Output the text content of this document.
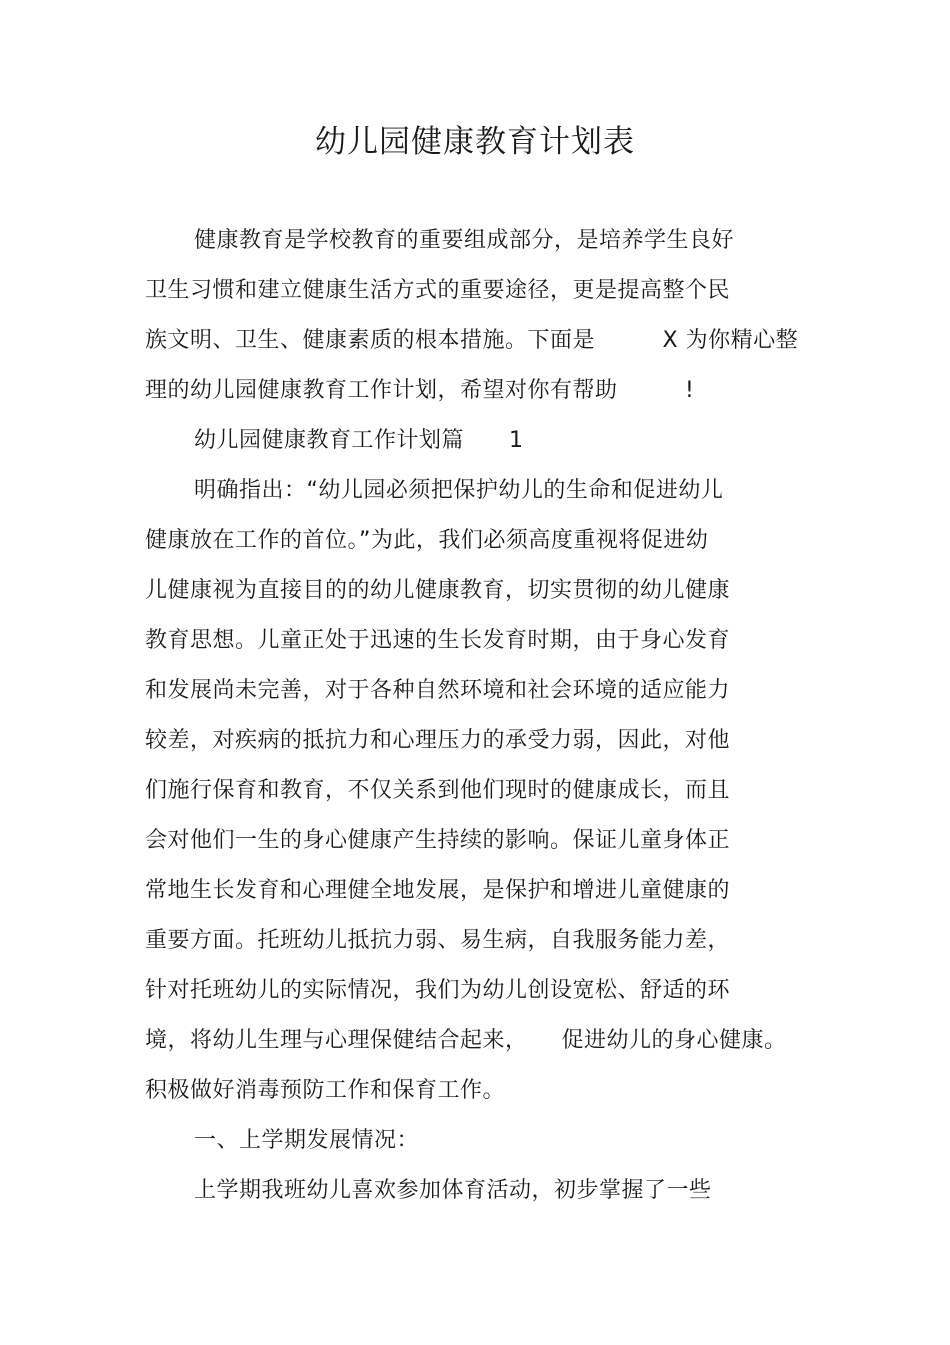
幼儿园健康教育计划表
健康教育是学校教育的重要组成部分，是培养学生良好
卫生习惯和建立健康生活方式的重要途径，更是提高整个民
族文明、卫生、健康素质的根本措施。下面是　　　X 为你精心整
理的幼儿园健康教育工作计划，希望对你有帮助　　　!
幼儿园健康教育工作计划篇　　1
明确指出：“幼儿园必须把保护幼儿的生命和促进幼儿
健康放在工作的首位。”为此，我们必须高度重视将促进幼
儿健康视为直接目的的幼儿健康教育，切实贯彻的幼儿健康
教育思想。儿童正处于迅速的生长发育时期，由于身心发育
和发展尚未完善，对于各种自然环境和社会环境的适应能力
较差，对疾病的抵抗力和心理压力的承受力弱，因此，对他
们施行保育和教育，不仅关系到他们现时的健康成长，而且
会对他们一生的身心健康产生持续的影响。保证儿童身体正
常地生长发育和心理健全地发展，是保护和增进儿童健康的
重要方面。托班幼儿抵抗力弱、易生病，自我服务能力差，
针对托班幼儿的实际情况，我们为幼儿创设宽松、舒适的环
境，将幼儿生理与心理保健结合起来，　　促进幼儿的身心健康。
积极做好消毒预防工作和保育工作。
一、上学期发展情况：
上学期我班幼儿喜欢参加体育活动，初步掌握了一些
